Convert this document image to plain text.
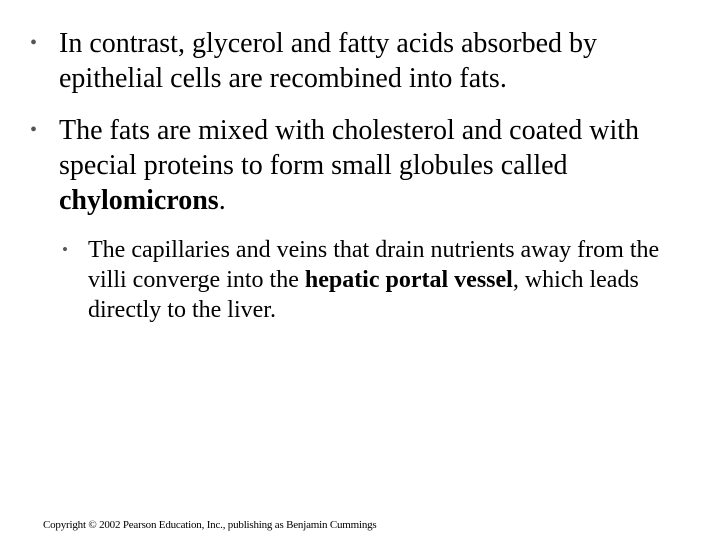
• In contrast, glycerol and fatty acids absorbed by epithelial cells are recombined into fats.
• The fats are mixed with cholesterol and coated with special proteins to form small globules called chylomicrons.
• The capillaries and veins that drain nutrients away from the villi converge into the hepatic portal vessel, which leads directly to the liver.
Copyright © 2002 Pearson Education, Inc., publishing as Benjamin Cummings
